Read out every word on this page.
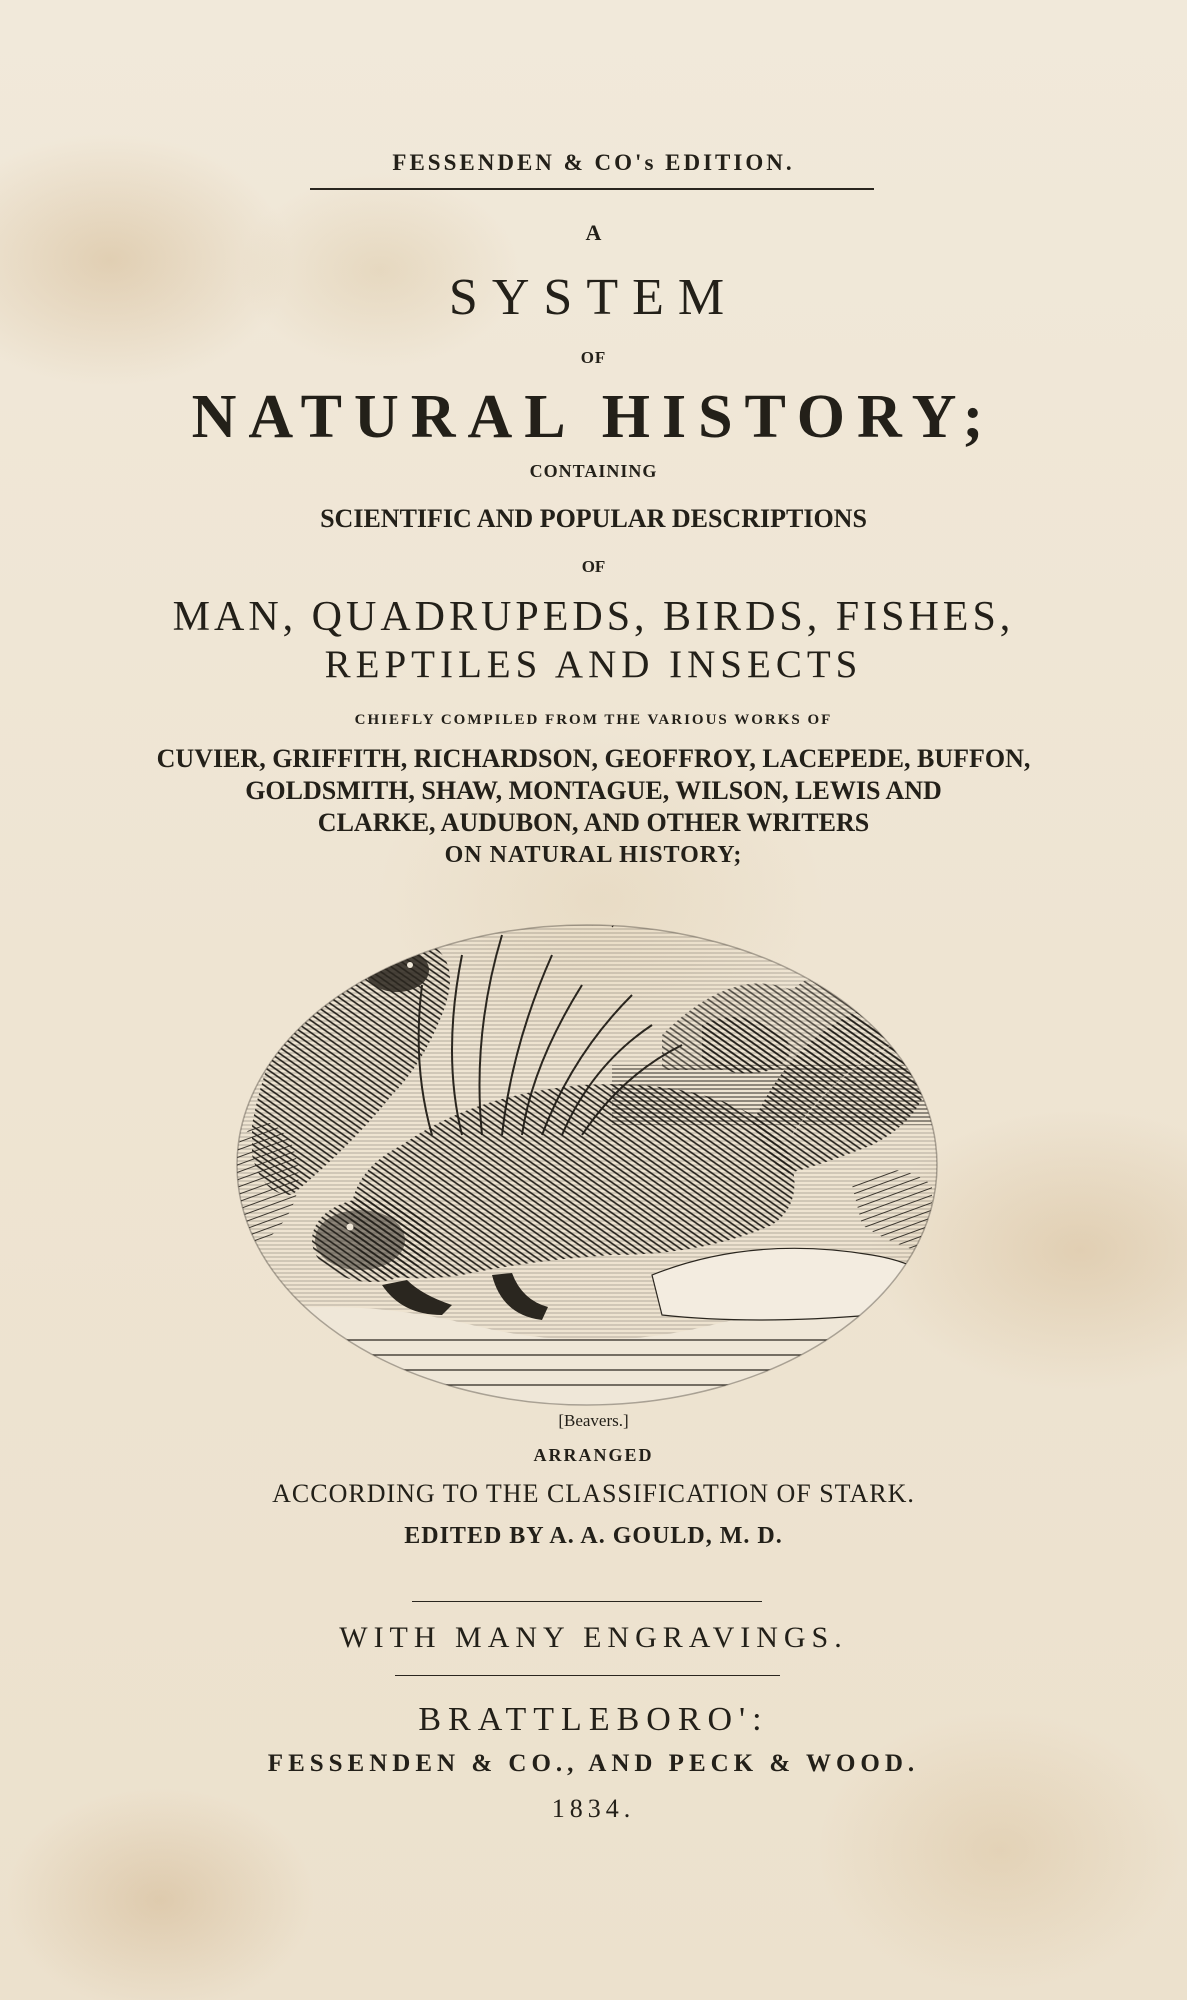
FESSENDEN & CO's EDITION.
A
SYSTEM
OF
NATURAL HISTORY;
CONTAINING
SCIENTIFIC AND POPULAR DESCRIPTIONS
OF
MAN, QUADRUPEDS, BIRDS, FISHES,
REPTILES AND INSECTS
CHIEFLY COMPILED FROM THE VARIOUS WORKS OF
CUVIER, GRIFFITH, RICHARDSON, GEOFFROY, LACEPEDE, BUFFON,
GOLDSMITH, SHAW, MONTAGUE, WILSON, LEWIS AND
CLARKE, AUDUBON, AND OTHER WRITERS
ON NATURAL HISTORY;
[Beavers.]
ARRANGED
ACCORDING TO THE CLASSIFICATION OF STARK.
EDITED BY A. A. GOULD, M. D.
WITH MANY ENGRAVINGS.
BRATTLEBORO':
FESSENDEN & CO., AND PECK & WOOD.
1834.
